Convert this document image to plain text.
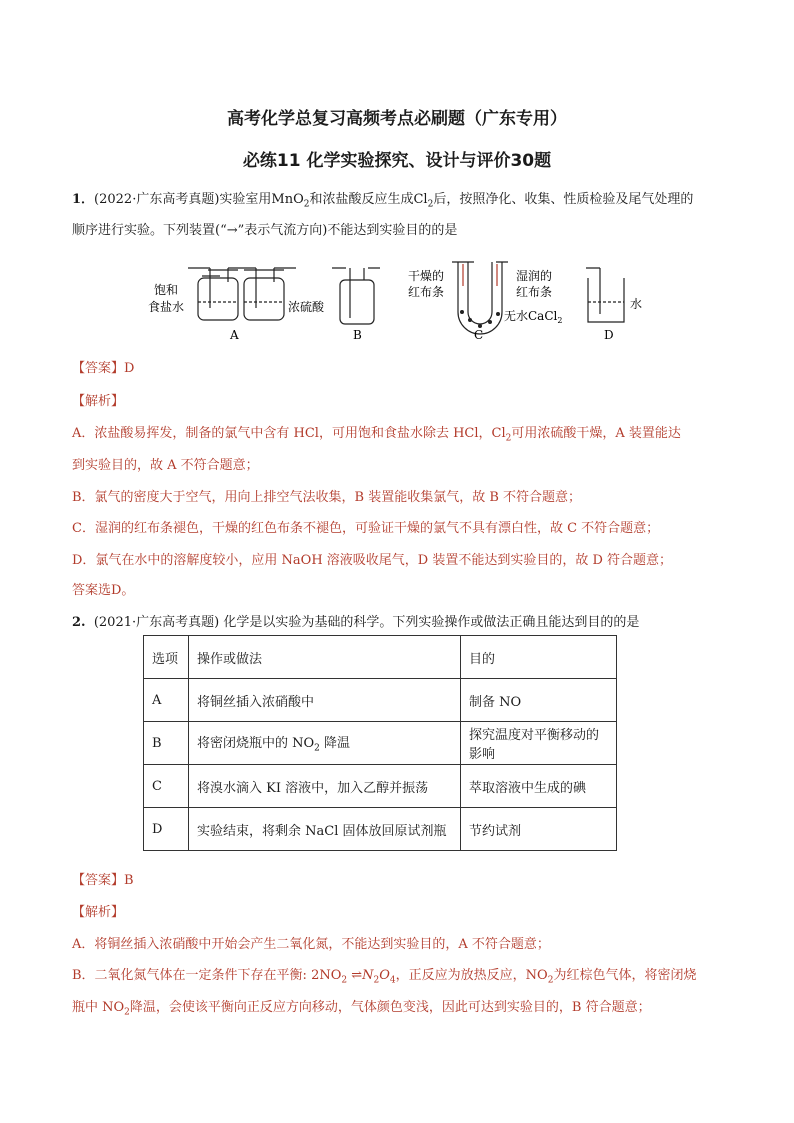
高考化学总复习高频考点必刷题（广东专用）
必练11 化学实验探究、设计与评价30题
1．(2022·广东高考真题)实验室用MnO$_2$和浓盐酸反应生成$Cl_2$后，按照净化、收集、性质检验及尾气处理的
顺序进行实验。下列装置(“→”表示气流方向)不能达到实验目的的是
饱和
食盐水	浓硫酸
干燥的
红布条
湿润的
红布条
无水CaCl$_2$
水
A	B	C	D
【答案】D
【解析】
A．浓盐酸易挥发，制备的氯气中含有 HCl，可用饱和食盐水除去 HCl，$Cl_2$可用浓硫酸干燥，A 装置能达
到实验目的，故 A 不符合题意；
B．氯气的密度大于空气，用向上排空气法收集，B 装置能收集氯气，故 B 不符合题意；
C．湿润的红布条褪色，干燥的红色布条不褪色，可验证干燥的氯气不具有漂白性，故 C 不符合题意；
D．氯气在水中的溶解度较小，应用 NaOH 溶液吸收尾气，D 装置不能达到实验目的，故 D 符合题意；
答案选D。
2. (2021·广东高考真题) 化学是以实验为基础的科学。下列实验操作或做法正确且能达到目的的是
选项	操作或做法	目的
A	将铜丝插入浓硝酸中	制备 NO
B	将密闭烧瓶中的 $NO_2$ 降温	探究温度对平衡移动的影响
C	将溴水滴入 KI 溶液中，加入乙醇并振荡	萃取溶液中生成的碘
D	实验结束，将剩余 NaCl 固体放回原试剂瓶	节约试剂
【答案】B
【解析】
A．将铜丝插入浓硝酸中开始会产生二氧化氮，不能达到实验目的，A 不符合题意；
B．二氧化氮气体在一定条件下存在平衡: $2NO_2$ $\rightleftharpoons N_2O_4$，正反应为放热反应，$NO_2$为红棕色气体，将密闭烧
瓶中 $NO_2$降温，会使该平衡向正反应方向移动，气体颜色变浅，因此可达到实验目的，B 符合题意；
